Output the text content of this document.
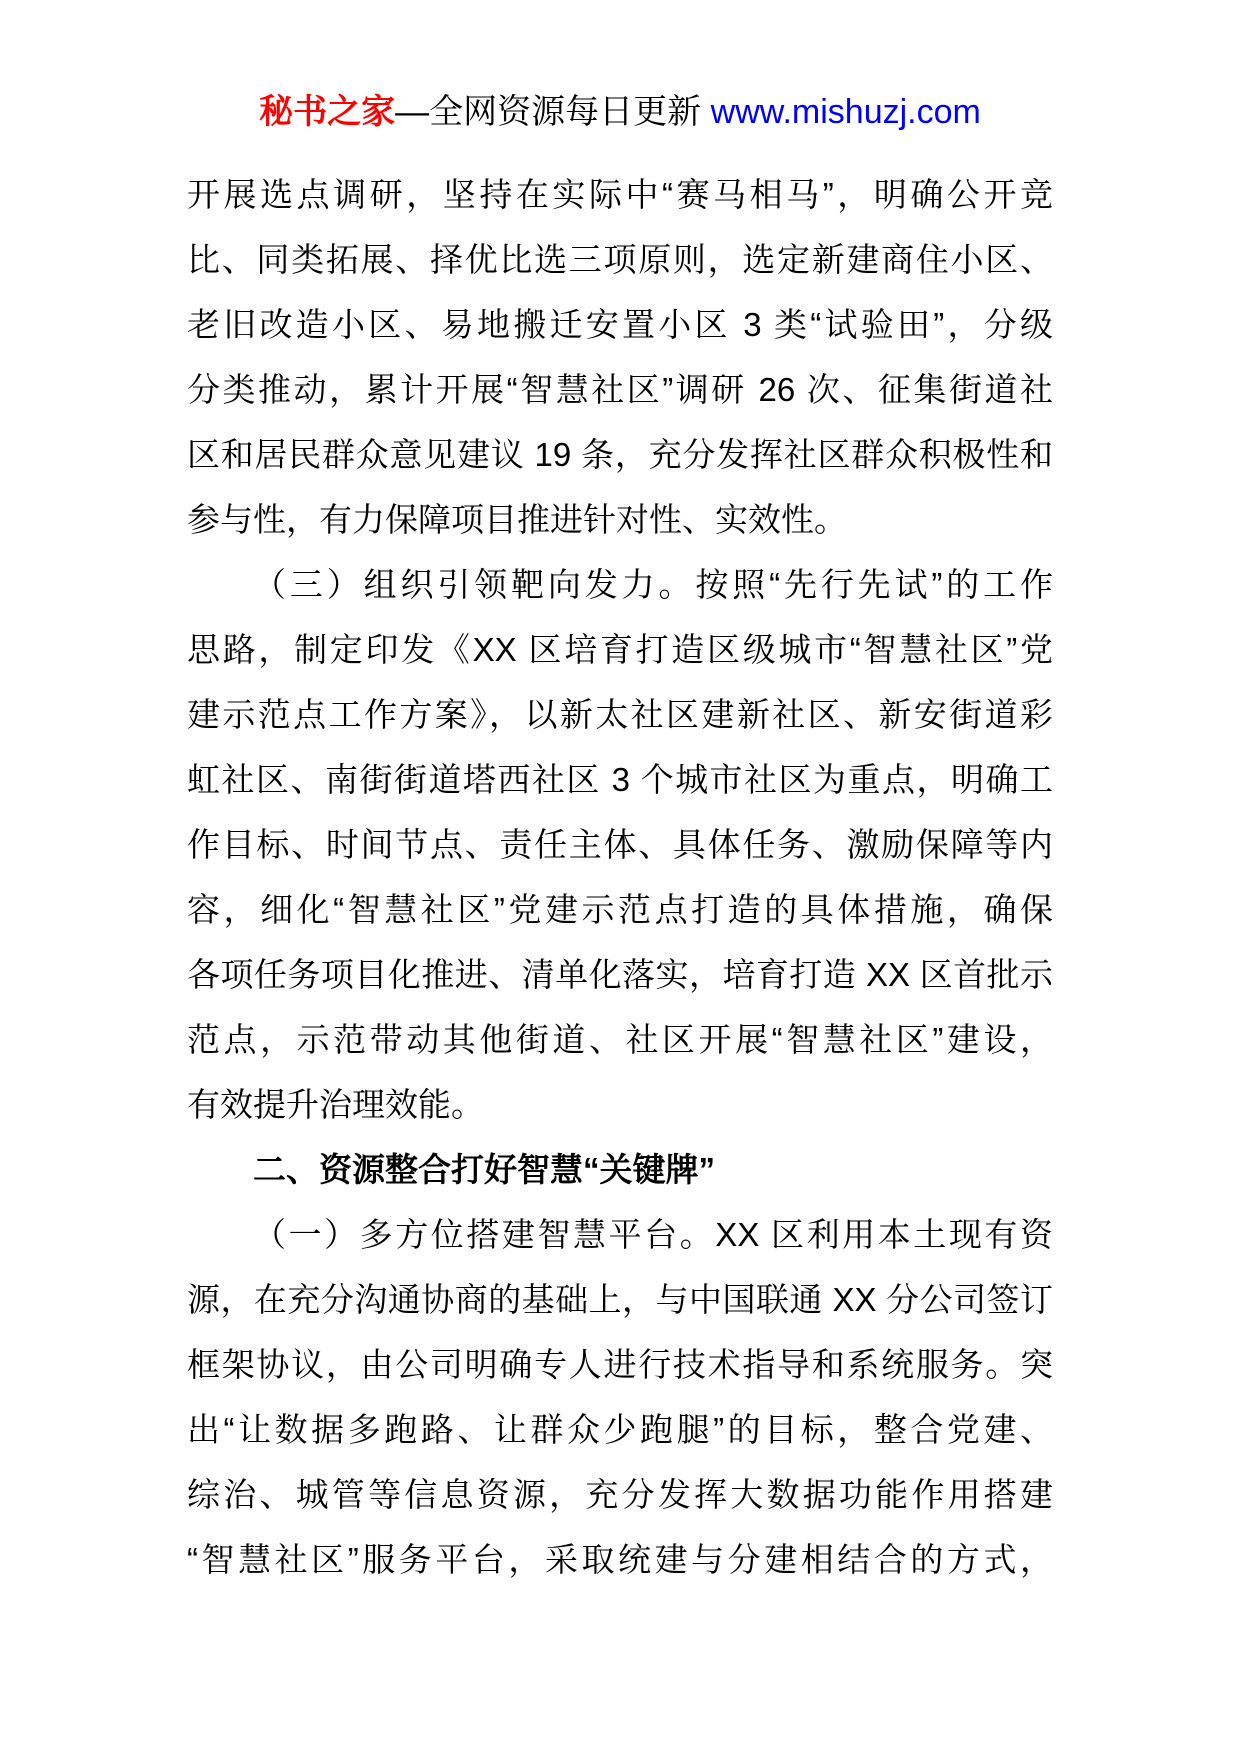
秘书之家—全网资源每日更新 www.mishuzj.com
开展选点调研，坚持在实际中“赛马相马”，明确公开竞
比、同类拓展、择优比选三项原则，选定新建商住小区、
老旧改造小区、易地搬迁安置小区 3 类“试验田”，分级
分类推动，累计开展“智慧社区”调研 26 次、征集街道社
区和居民群众意见建议 19 条，充分发挥社区群众积极性和
参与性，有力保障项目推进针对性、实效性。
（三）组织引领靶向发力。按照“先行先试”的工作
思路，制定印发《XX 区培育打造区级城市“智慧社区”党
建示范点工作方案》，以新太社区建新社区、新安街道彩
虹社区、南街街道塔西社区 3 个城市社区为重点，明确工
作目标、时间节点、责任主体、具体任务、激励保障等内
容，细化“智慧社区”党建示范点打造的具体措施，确保
各项任务项目化推进、清单化落实，培育打造 XX 区首批示
范点，示范带动其他街道、社区开展“智慧社区”建设，
有效提升治理效能。
二、资源整合打好智慧“关键牌”
（一）多方位搭建智慧平台。XX 区利用本土现有资
源，在充分沟通协商的基础上，与中国联通 XX 分公司签订
框架协议，由公司明确专人进行技术指导和系统服务。突
出“让数据多跑路、让群众少跑腿”的目标，整合党建、
综治、城管等信息资源，充分发挥大数据功能作用搭建
“智慧社区”服务平台，采取统建与分建相结合的方式，
